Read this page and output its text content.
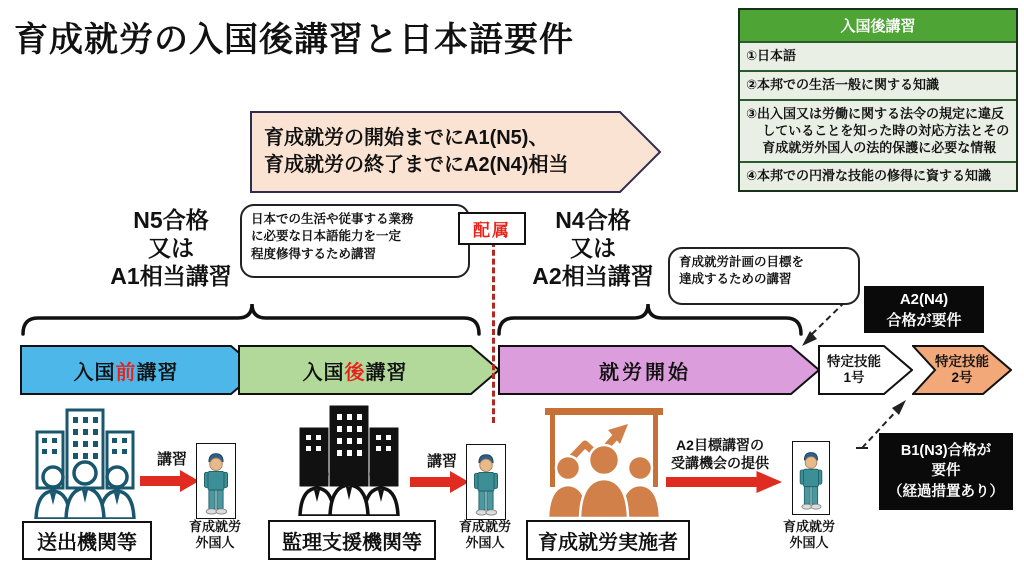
育成就労の入国後講習と日本語要件	入国後講習
①日本語
②本邦での生活一般に関する知識
③出入国又は労働に関する法令の規定に違反していることを知った時の対応方法とその育成就労外国人の法的保護に必要な情報
④本邦での円滑な技能の修得に資する知識
育成就労の開始までにA1(N5)、
育成就労の終了までにA2(N4)相当
N5合格
又は
A1相当講習
N4合格
又は
A2相当講習
日本での生活や従事する業務
に必要な日本語能力を一定
程度修得するため講習
育成就労計画の目標を
達成するための講習
配属
入国 前 講習	入国 後 講習	就労開始
特定技能
1号
特定技能
2号
A2(N4)
合格が要件
B1(N3)合格が
要件
（経過措置あり）
送出機関等
講習
育成就労
外国人	監理支援機関等
講習
育成就労
外国人	育成就労実施者
A2目標講習の
受講機会の提供
育成就労
外国人
